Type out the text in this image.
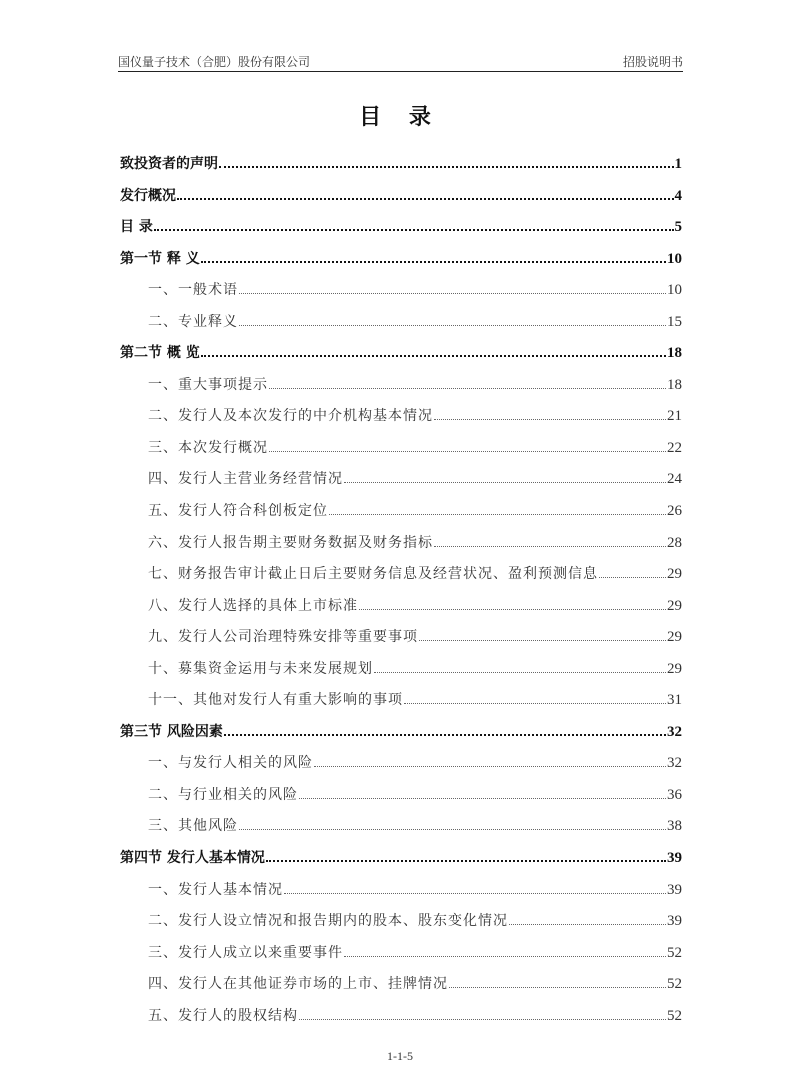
国仪量子技术（合肥）股份有限公司	招股说明书
目 录
致投资者的声明	1
发行概况	4
目 录	5
第一节 释 义	10
一、一般术语	10
二、专业释义	15
第二节 概 览	18
一、重大事项提示	18
二、发行人及本次发行的中介机构基本情况	21
三、本次发行概况	22
四、发行人主营业务经营情况	24
五、发行人符合科创板定位	26
六、发行人报告期主要财务数据及财务指标	28
七、财务报告审计截止日后主要财务信息及经营状况、盈利预测信息	29
八、发行人选择的具体上市标准	29
九、发行人公司治理特殊安排等重要事项	29
十、募集资金运用与未来发展规划	29
十一、其他对发行人有重大影响的事项	31
第三节 风险因素	32
一、与发行人相关的风险	32
二、与行业相关的风险	36
三、其他风险	38
第四节 发行人基本情况	39
一、发行人基本情况	39
二、发行人设立情况和报告期内的股本、股东变化情况	39
三、发行人成立以来重要事件	52
四、发行人在其他证券市场的上市、挂牌情况	52
五、发行人的股权结构	52
1-1-5
